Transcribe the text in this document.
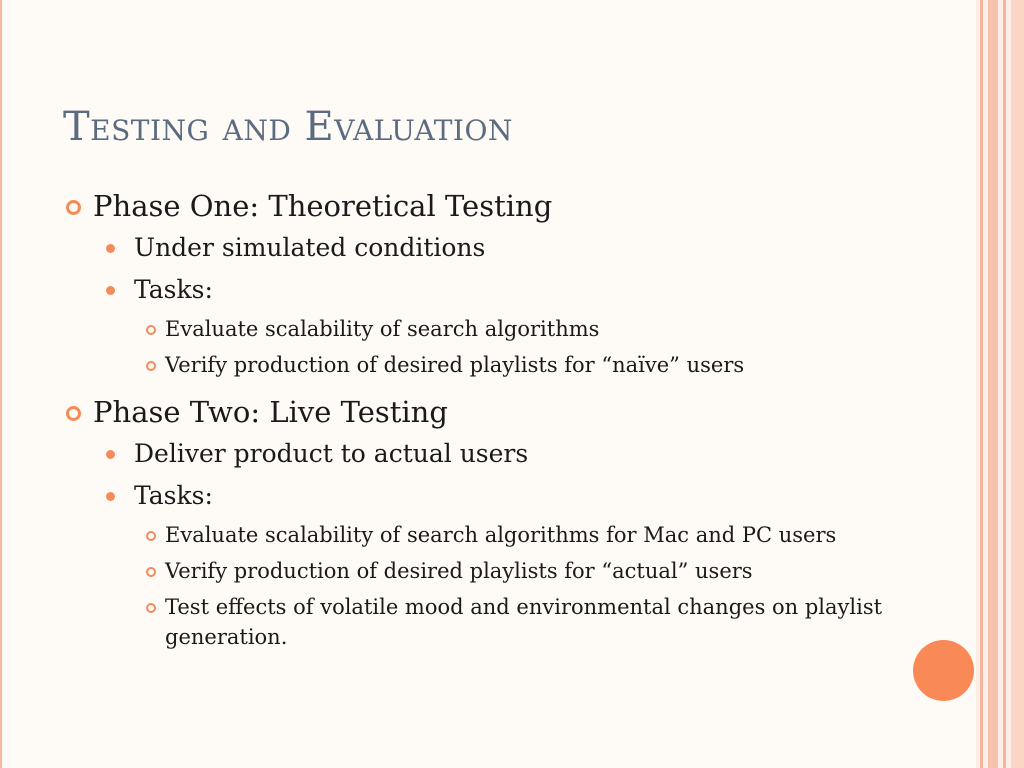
Testing and Evaluation
Phase One: Theoretical Testing
Under simulated conditions
Tasks:
Evaluate scalability of search algorithms
Verify production of desired playlists for “naïve” users
Phase Two: Live Testing
Deliver product to actual users
Tasks:
Evaluate scalability of search algorithms for Mac and PC users
Verify production of desired playlists for “actual” users
Test effects of volatile mood and environmental changes on playlist generation.
